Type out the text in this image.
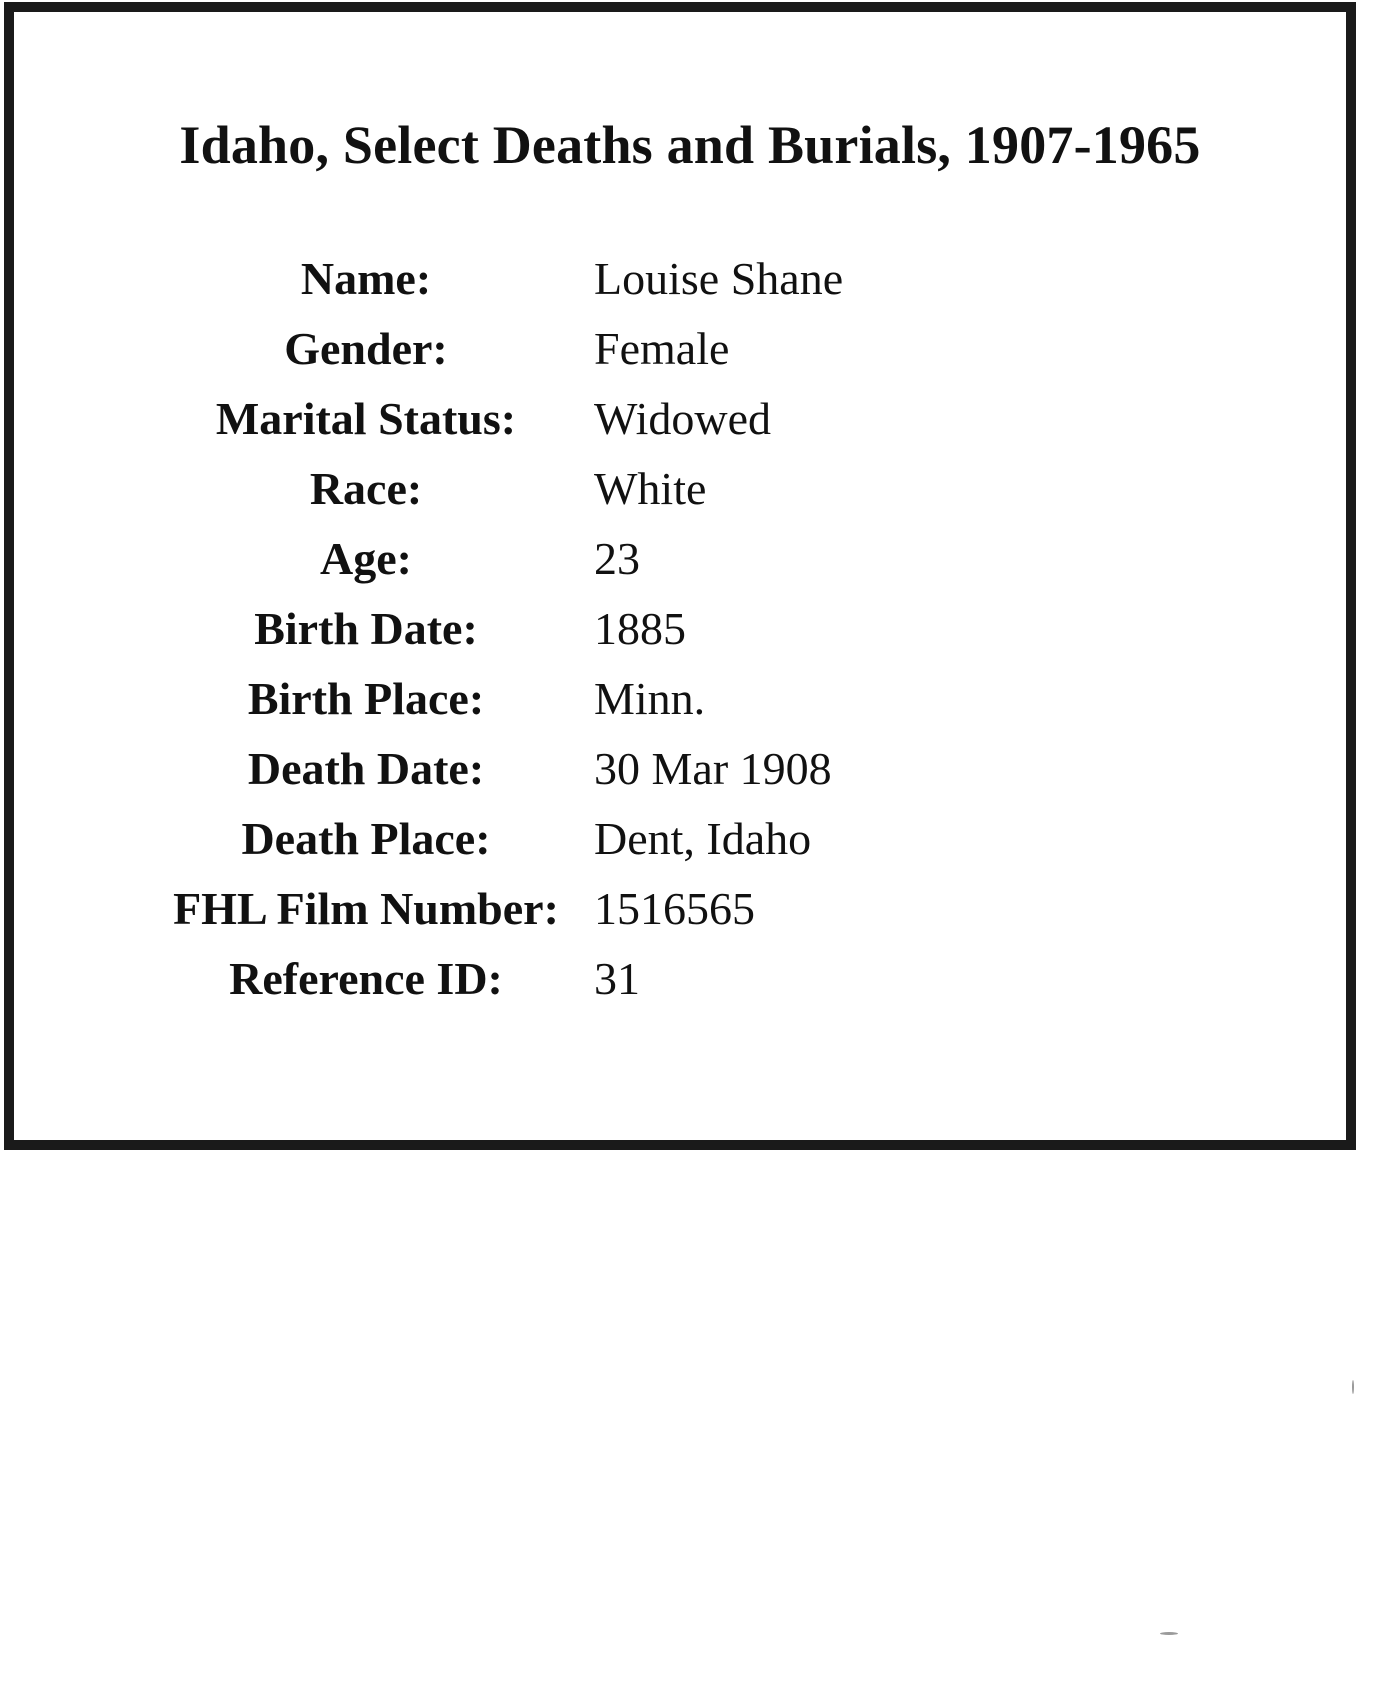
Idaho, Select Deaths and Burials, 1907-1965
Name:	Louise Shane
Gender:	Female
Marital Status:	Widowed
Race:	White
Age:	23
Birth Date:	1885
Birth Place:	Minn.
Death Date:	30 Mar 1908
Death Place:	Dent, Idaho
FHL Film Number: 1516565
Reference ID:	31
